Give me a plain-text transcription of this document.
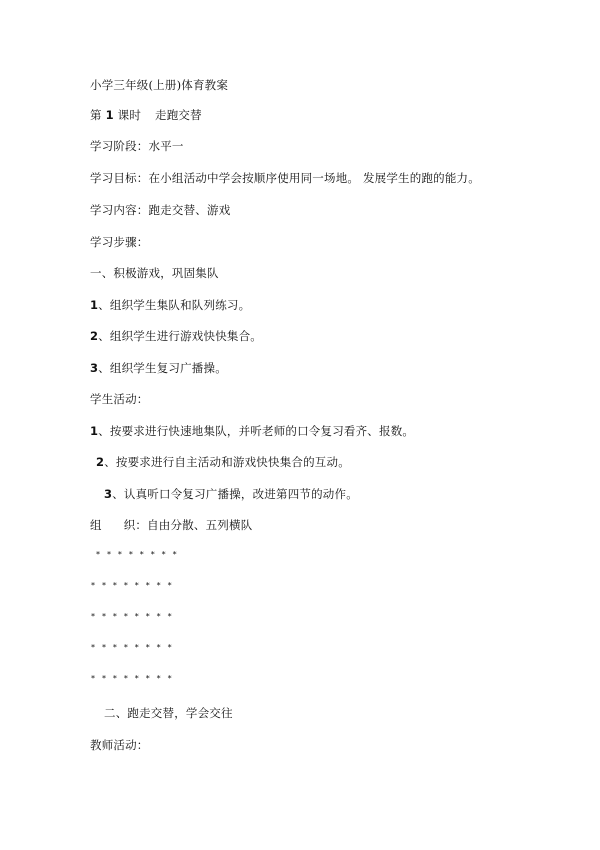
小学三年级(上册)体育教案
第 1 课时 走跑交替
学习阶段：水平一
学习目标：在小组活动中学会按顺序使用同一场地。 发展学生的跑的能力。
学习内容：跑走交替、游戏
学习步骤：
一、积极游戏，巩固集队
1、组织学生集队和队列练习。
2、组织学生进行游戏快快集合。
3、组织学生复习广播操。
学生活动：
1、按要求进行快速地集队，并听老师的口令复习看齐、报数。
2、按要求进行自主活动和游戏快快集合的互动。
3、认真听口令复习广播操，改进第四节的动作。
组 织：自由分散、五列横队
* * * * * * * *
* * * * * * * *
* * * * * * * *
* * * * * * * *
* * * * * * * *
二、跑走交替，学会交往
教师活动：
